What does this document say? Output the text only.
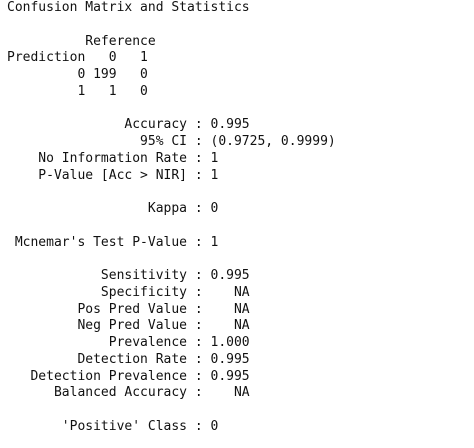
Confusion Matrix and Statistics
Reference
Prediction   0   1
0 199   0
1   1   0
Accuracy : 0.995
95% CI : (0.9725, 0.9999)
No Information Rate : 1
P-Value [Acc > NIR] : 1
Kappa : 0
Mcnemar's Test P-Value : 1
Sensitivity : 0.995
Specificity :    NA
Pos Pred Value :    NA
Neg Pred Value :    NA
Prevalence : 1.000
Detection Rate : 0.995
Detection Prevalence : 0.995
Balanced Accuracy :    NA
'Positive' Class : 0
